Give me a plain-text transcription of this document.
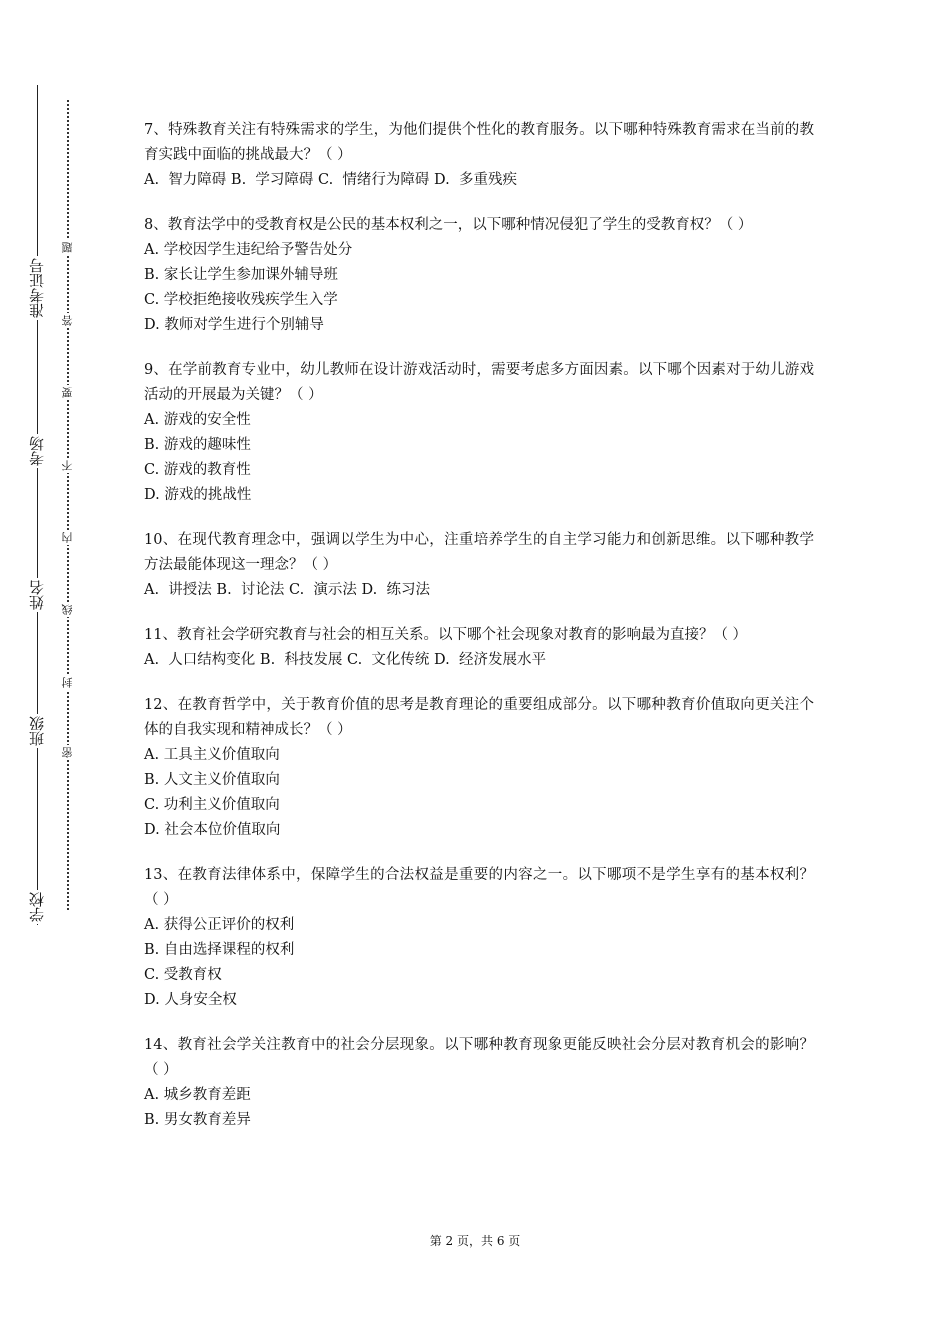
学校
班级
姓名
考场
准考证号
密
封
线
内
不
要
答
题
7、特殊教育关注有特殊需求的学生，为他们提供个性化的教育服务。以下哪种特殊教育需求在当前的教育实践中面临的挑战最大？（ ）
A.  智力障碍 B.  学习障碍 C.  情绪行为障碍 D.  多重残疾
8、教育法学中的受教育权是公民的基本权利之一，以下哪种情况侵犯了学生的受教育权？（ ）
A. 学校因学生违纪给予警告处分
B. 家长让学生参加课外辅导班
C. 学校拒绝接收残疾学生入学
D. 教师对学生进行个别辅导
9、在学前教育专业中，幼儿教师在设计游戏活动时，需要考虑多方面因素。以下哪个因素对于幼儿游戏活动的开展最为关键？（ ）
A. 游戏的安全性
B. 游戏的趣味性
C. 游戏的教育性
D. 游戏的挑战性
10、在现代教育理念中，强调以学生为中心，注重培养学生的自主学习能力和创新思维。以下哪种教学方法最能体现这一理念？（ ）
A.  讲授法 B.  讨论法 C.  演示法 D.  练习法
11、教育社会学研究教育与社会的相互关系。以下哪个社会现象对教育的影响最为直接？（ ）
A.  人口结构变化 B.  科技发展 C.  文化传统 D.  经济发展水平
12、在教育哲学中，关于教育价值的思考是教育理论的重要组成部分。以下哪种教育价值取向更关注个体的自我实现和精神成长？（ ）
A. 工具主义价值取向
B. 人文主义价值取向
C. 功利主义价值取向
D. 社会本位价值取向
13、在教育法律体系中，保障学生的合法权益是重要的内容之一。以下哪项不是学生享有的基本权利？（ ）
A. 获得公正评价的权利
B. 自由选择课程的权利
C. 受教育权
D. 人身安全权
14、教育社会学关注教育中的社会分层现象。以下哪种教育现象更能反映社会分层对教育机会的影响？（ ）
A. 城乡教育差距
B. 男女教育差异
第 2 页，共 6 页
